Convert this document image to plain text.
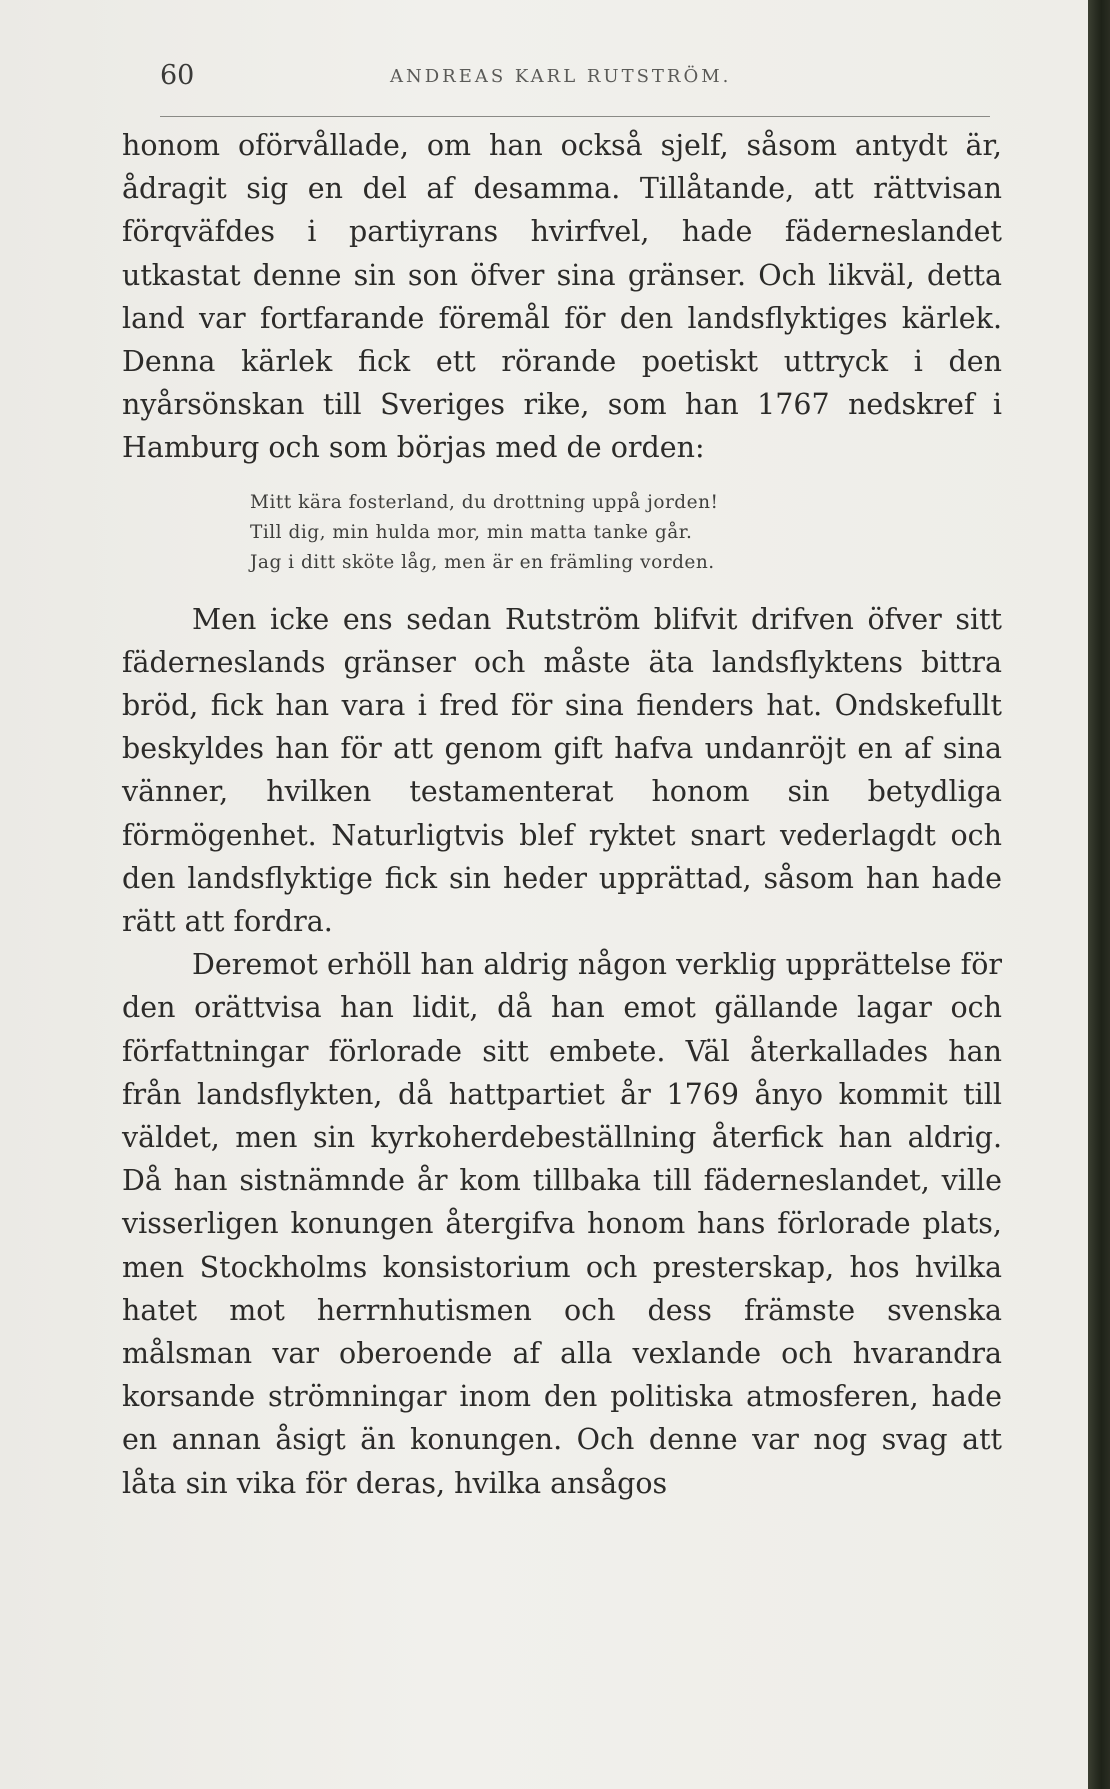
60	ANDREAS KARL RUTSTRÖM.

honom oförvållade, om han också sjelf, såsom antydt är, ådragit sig en del af desamma. Tillåtande, att rättvisan förqväfdes i partiyrans hvirfvel, hade fäderneslandet utkastat denne sin son öfver sina gränser. Och likväl, detta land var fortfarande föremål för den landsflyktiges kärlek. Denna kärlek fick ett rörande poetiskt uttryck i den nyårsönskan till Sveriges rike, som han 1767 nedskref i Hamburg och som börjas med de orden:

Mitt kära fosterland, du drottning uppå jorden!
Till dig, min hulda mor, min matta tanke går.
Jag i ditt sköte låg, men är en främling vorden.

Men icke ens sedan Rutström blifvit drifven öfver sitt fäderneslands gränser och måste äta landsflyktens bittra bröd, fick han vara i fred för sina fienders hat. Ondskefullt beskyldes han för att genom gift hafva undanröjt en af sina vänner, hvilken testamenterat honom sin betydliga förmögenhet. Naturligtvis blef ryktet snart vederlagdt och den landsflyktige fick sin heder upprättad, såsom han hade rätt att fordra.

Deremot erhöll han aldrig någon verklig upprättelse för den orättvisa han lidit, då han emot gällande lagar och författningar förlorade sitt embete. Väl återkallades han från landsflykten, då hattpartiet år 1769 ånyo kommit till väldet, men sin kyrkoherdebeställning återfick han aldrig. Då han sistnämnde år kom tillbaka till fäderneslandet, ville visserligen konungen återgifva honom hans förlorade plats, men Stockholms konsistorium och presterskap, hos hvilka hatet mot herrnhutismen och dess främste svenska målsman var oberoende af alla vexlande och hvarandra korsande strömningar inom den politiska atmosferen, hade en annan åsigt än konungen. Och denne var nog svag att låta sin vika för deras, hvilka ansågos
